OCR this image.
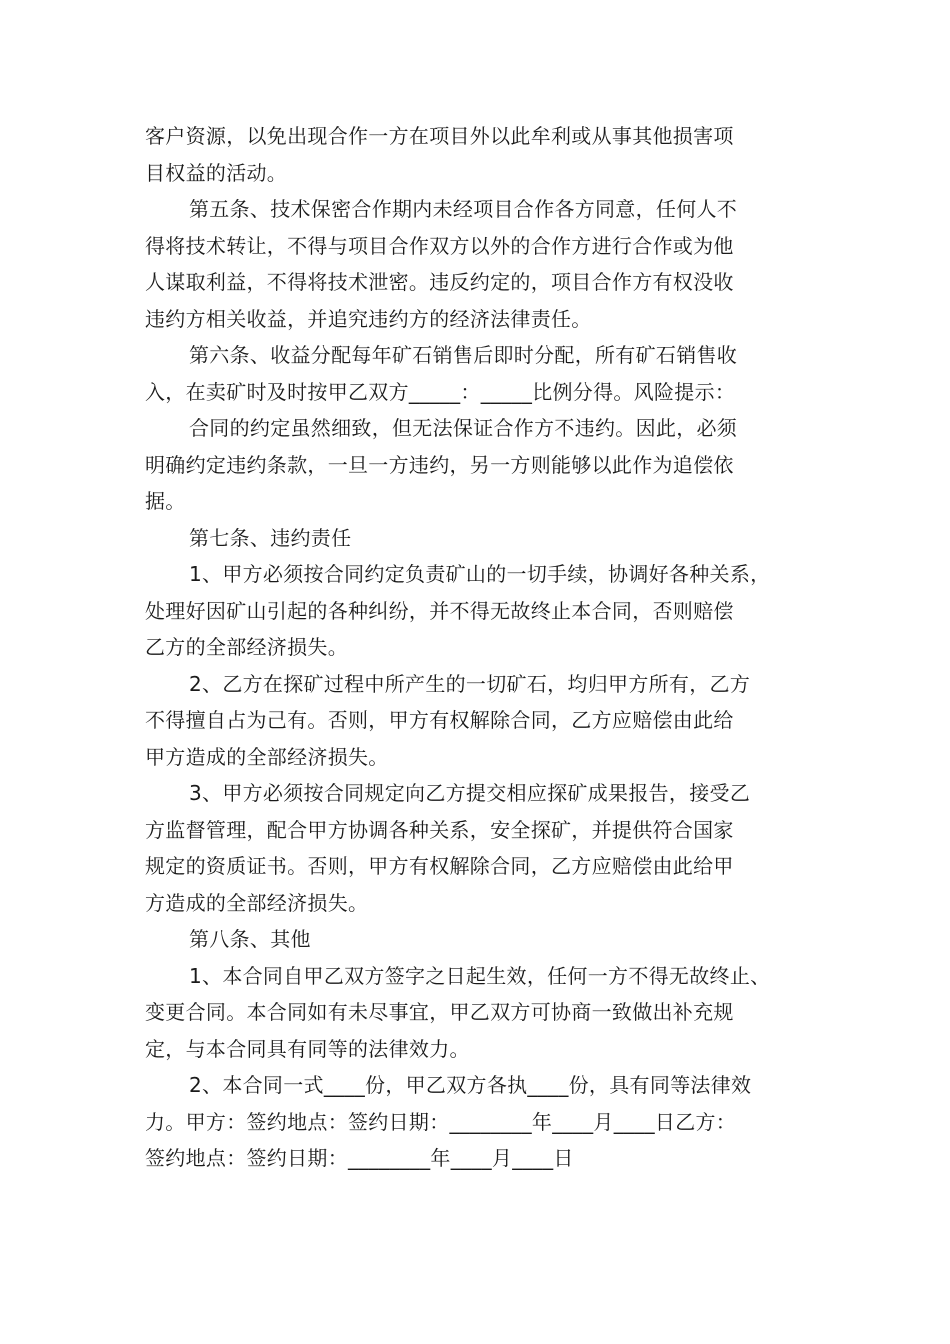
客户资源，以免出现合作一方在项目外以此牟利或从事其他损害项
目权益的活动。

第五条、技术保密合作期内未经项目合作各方同意，任何人不
得将技术转让，不得与项目合作双方以外的合作方进行合作或为他
人谋取利益，不得将技术泄密。违反约定的，项目合作方有权没收
违约方相关收益，并追究违约方的经济法律责任。

第六条、收益分配每年矿石销售后即时分配，所有矿石销售收
入，在卖矿时及时按甲乙双方_____：_____比例分得。风险提示：

合同的约定虽然细致，但无法保证合作方不违约。因此，必须
明确约定违约条款，一旦一方违约，另一方则能够以此作为追偿依
据。

第七条、违约责任

1、甲方必须按合同约定负责矿山的一切手续，协调好各种关系，
处理好因矿山引起的各种纠纷，并不得无故终止本合同，否则赔偿
乙方的全部经济损失。

2、乙方在探矿过程中所产生的一切矿石，均归甲方所有，乙方
不得擅自占为己有。否则，甲方有权解除合同，乙方应赔偿由此给
甲方造成的全部经济损失。

3、甲方必须按合同规定向乙方提交相应探矿成果报告，接受乙
方监督管理，配合甲方协调各种关系，安全探矿，并提供符合国家
规定的资质证书。否则，甲方有权解除合同，乙方应赔偿由此给甲
方造成的全部经济损失。

第八条、其他

1、本合同自甲乙双方签字之日起生效，任何一方不得无故终止、
变更合同。本合同如有未尽事宜，甲乙双方可协商一致做出补充规
定，与本合同具有同等的法律效力。

2、本合同一式____份，甲乙双方各执____份，具有同等法律效
力。甲方：签约地点：签约日期：________年____月____日乙方：
签约地点：签约日期：________年____月____日
